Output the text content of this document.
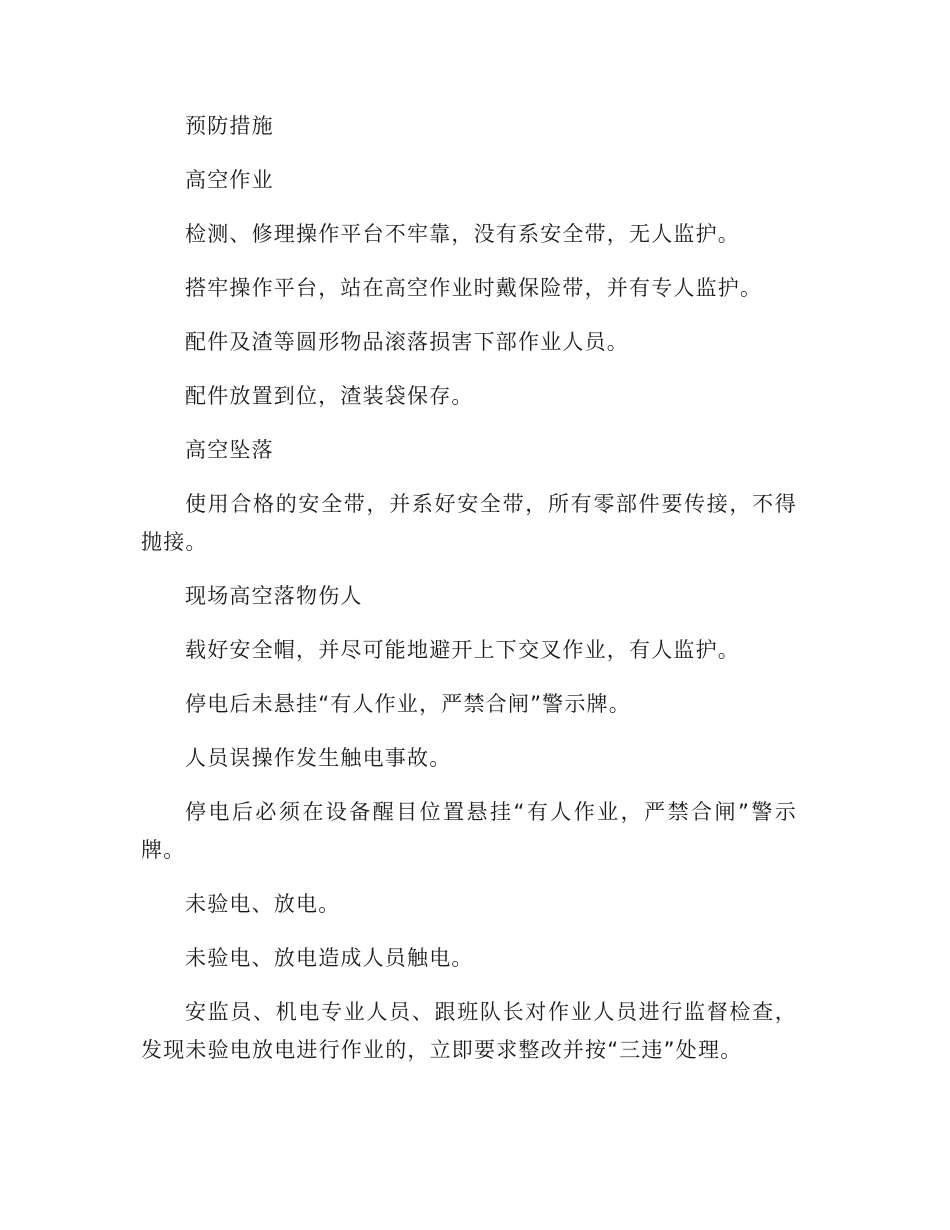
预防措施

高空作业

检测、修理操作平台不牢靠，没有系安全带，无人监护。

搭牢操作平台，站在高空作业时戴保险带，并有专人监护。

配件及渣等圆形物品滚落损害下部作业人员。

配件放置到位，渣装袋保存。

高空坠落

使用合格的安全带，并系好安全带，所有零部件要传接，不得抛接。

现场高空落物伤人

载好安全帽，并尽可能地避开上下交叉作业，有人监护。

停电后未悬挂“有人作业，严禁合闸”警示牌。

人员误操作发生触电事故。

停电后必须在设备醒目位置悬挂“有人作业，严禁合闸”警示牌。

未验电、放电。

未验电、放电造成人员触电。

安监员、机电专业人员、跟班队长对作业人员进行监督检查，发现未验电放电进行作业的，立即要求整改并按“三违”处理。
